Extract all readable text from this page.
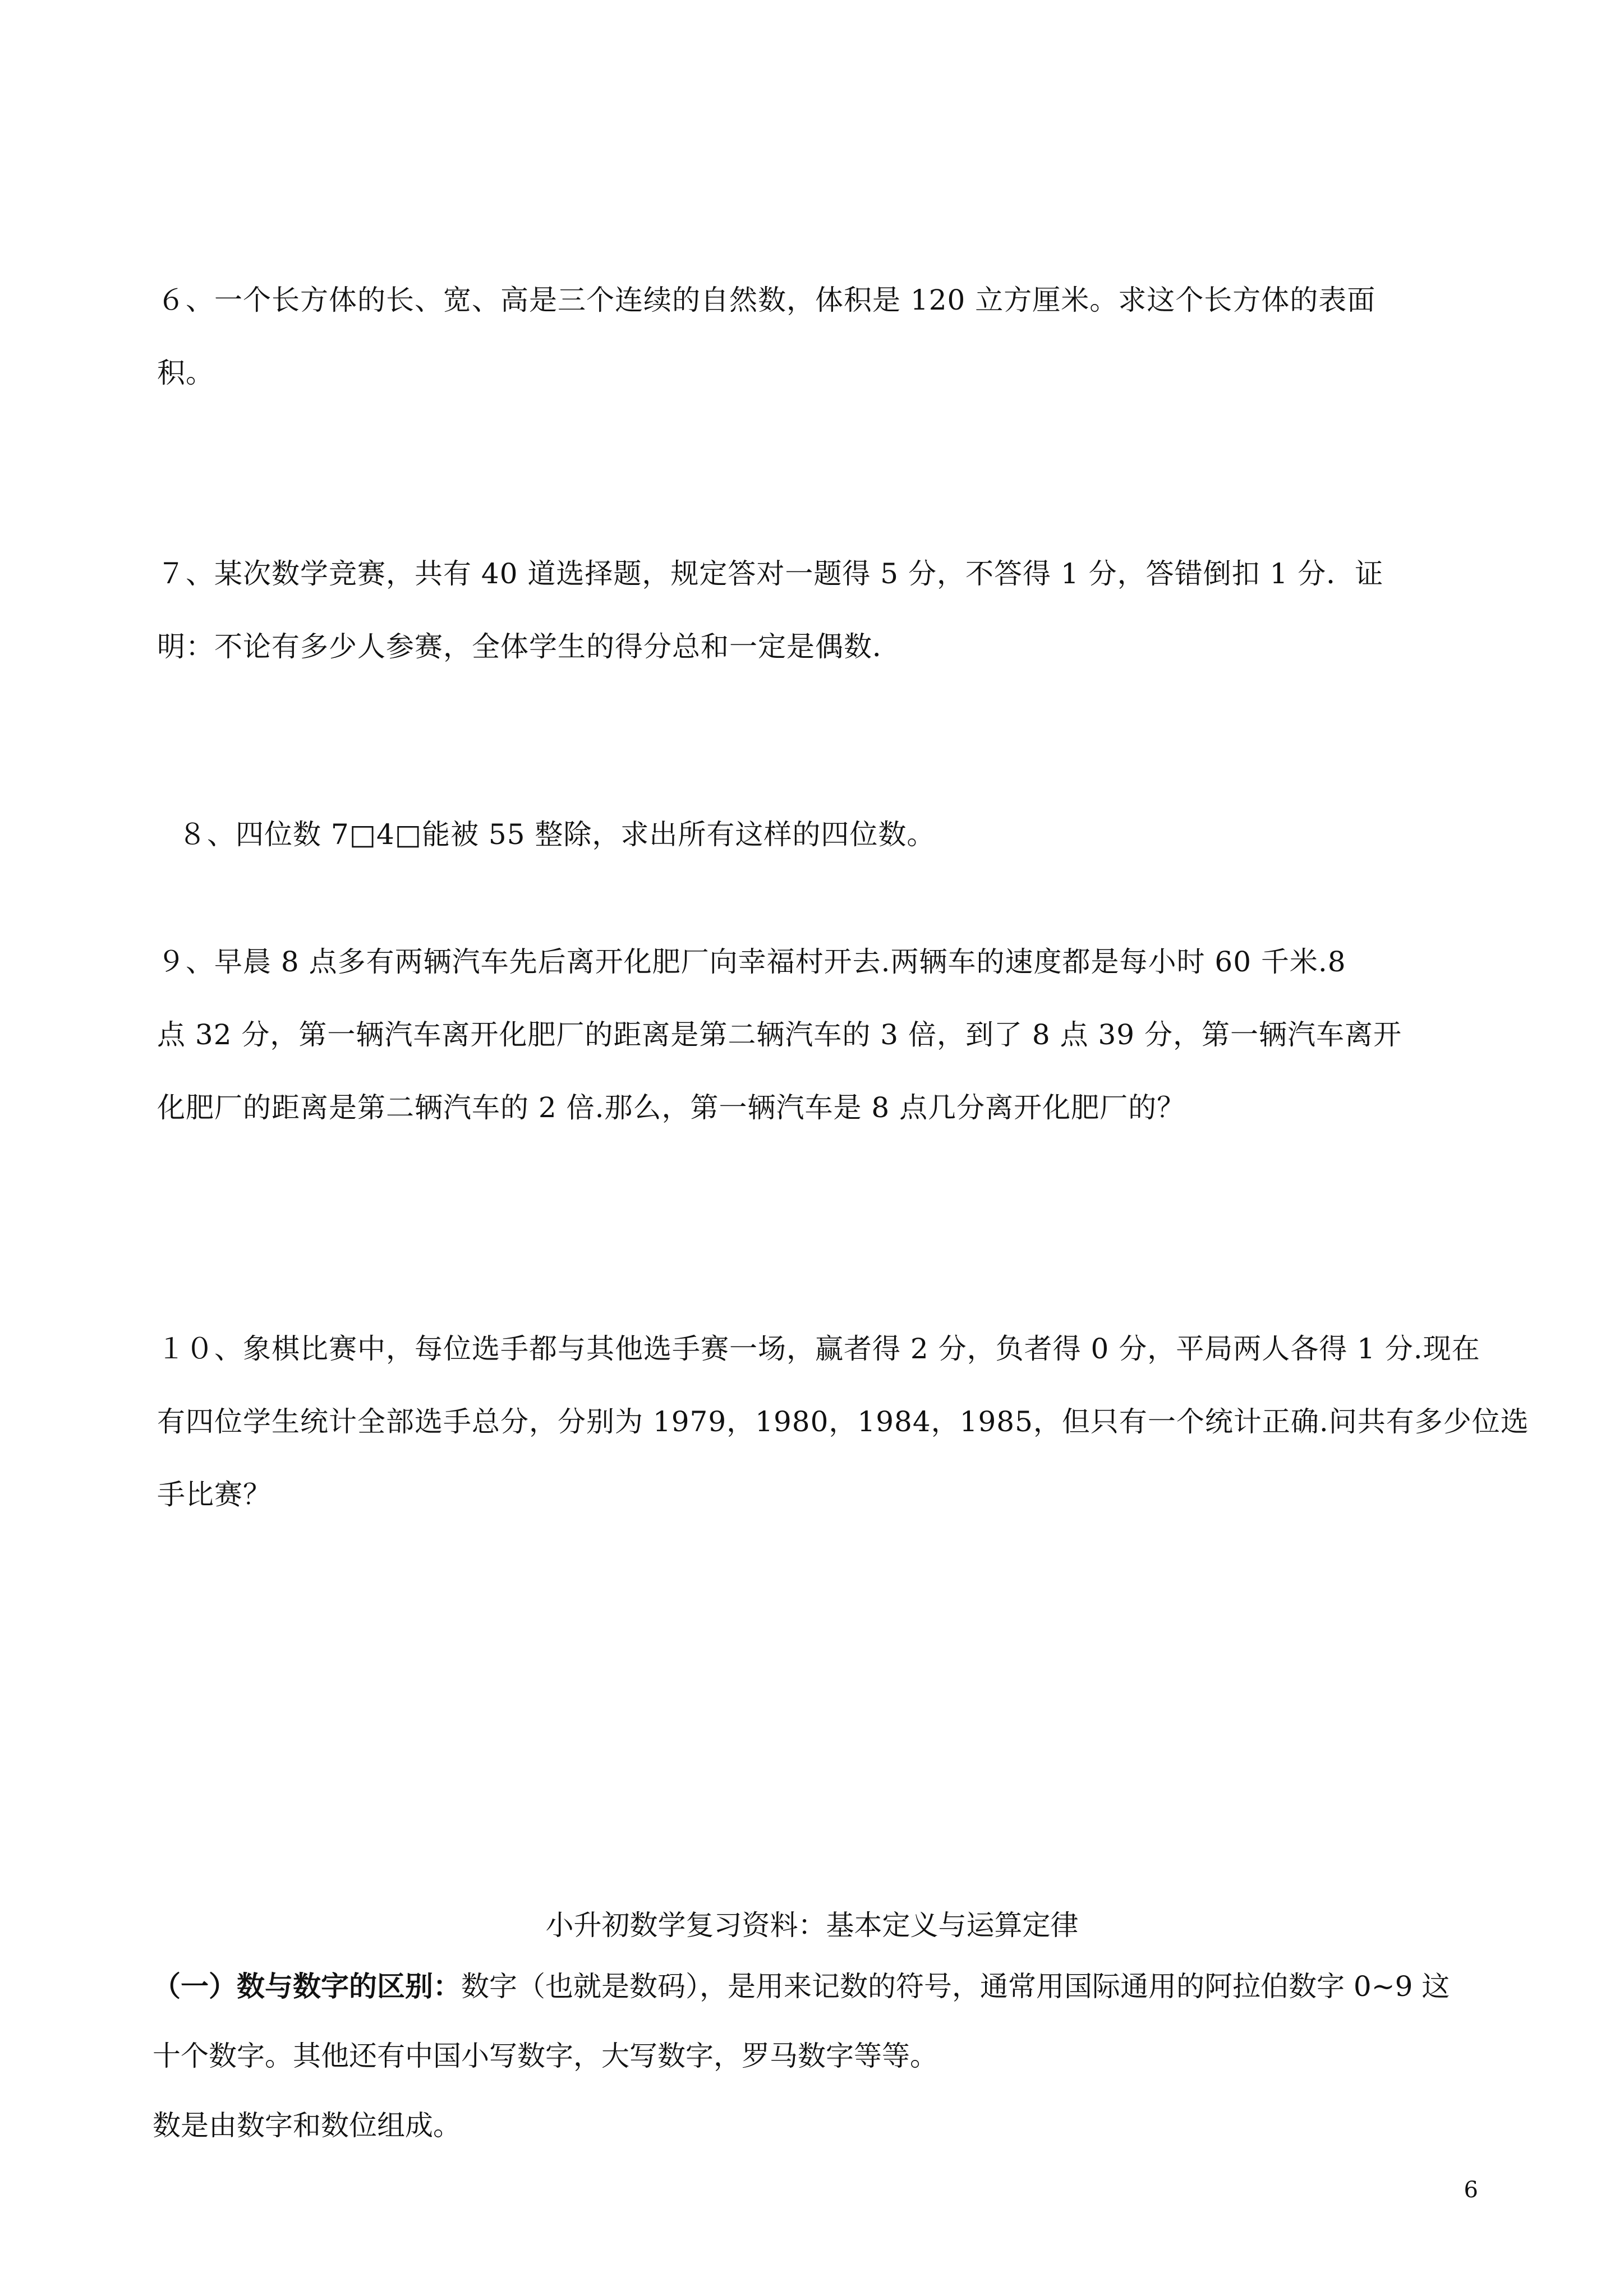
６、一个长方体的长、宽、高是三个连续的自然数，体积是 120 立方厘米。求这个长方体的表面
积。
７、某次数学竞赛，共有 40 道选择题，规定答对一题得 5 分，不答得 1 分，答错倒扣 1 分．证
明：不论有多少人参赛，全体学生的得分总和一定是偶数．
８、四位数 7□4□能被 55 整除，求出所有这样的四位数。
９、早晨 8 点多有两辆汽车先后离开化肥厂向幸福村开去.两辆车的速度都是每小时 60 千米.8
点 32 分，第一辆汽车离开化肥厂的距离是第二辆汽车的 3 倍，到了 8 点 39 分，第一辆汽车离开
化肥厂的距离是第二辆汽车的 2 倍.那么，第一辆汽车是 8 点几分离开化肥厂的？
１０、象棋比赛中，每位选手都与其他选手赛一场，赢者得 2 分，负者得 0 分，平局两人各得 1 分.现在
有四位学生统计全部选手总分，分别为 1979，1980，1984，1985，但只有一个统计正确.问共有多少位选
手比赛？
小升初数学复习资料：基本定义与运算定律
（一）数与数字的区别：数字（也就是数码），是用来记数的符号，通常用国际通用的阿拉伯数字 0~9 这
十个数字。其他还有中国小写数字，大写数字，罗马数字等等。
数是由数字和数位组成。
6
